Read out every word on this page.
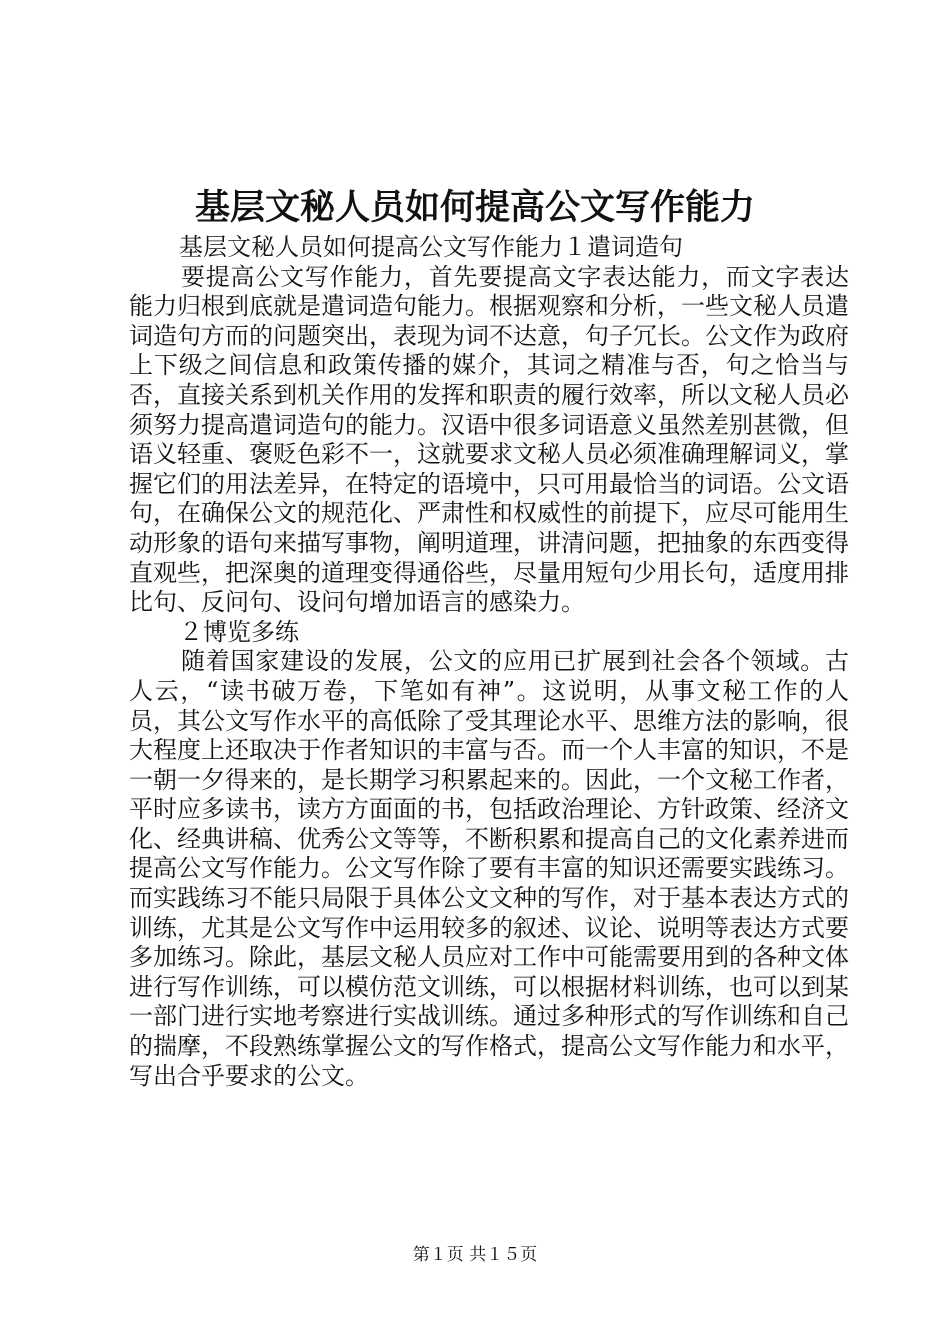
基层文秘人员如何提高公文写作能力

基层文秘人员如何提高公文写作能力１遣词造句

要提高公文写作能力，首先要提高文字表达能力，而文字表达能力归根到底就是遣词造句能力。根据观察和分析，一些文秘人员遣词造句方而的问题突出，表现为词不达意，句子冗长。公文作为政府上下级之间信息和政策传播的媒介，其词之精准与否，句之恰当与否，直接关系到机关作用的发挥和职责的履行效率，所以文秘人员必须努力提高遣词造句的能力。汉语中很多词语意义虽然差别甚微，但语义轻重、褒贬色彩不一，这就要求文秘人员必须准确理解词义，掌握它们的用法差异，在特定的语境中，只可用最恰当的词语。公文语句，在确保公文的规范化、严肃性和权威性的前提下，应尽可能用生动形象的语句来描写事物，阐明道理，讲清问题，把抽象的东西变得直观些，把深奥的道理变得通俗些，尽量用短句少用长句，适度用排比句、反问句、设问句增加语言的感染力。

２博览多练

随着国家建设的发展，公文的应用已扩展到社会各个领域。古人云，“读书破万卷，下笔如有神”。这说明，从事文秘工作的人员，其公文写作水平的高低除了受其理论水平、思维方法的影响，很大程度上还取决于作者知识的丰富与否。而一个人丰富的知识，不是一朝一夕得来的，是长期学习积累起来的。因此，一个文秘工作者，平时应多读书，读方方面面的书，包括政治理论、方针政策、经济文化、经典讲稿、优秀公文等等，不断积累和提高自己的文化素养进而提高公文写作能力。公文写作除了要有丰富的知识还需要实践练习。而实践练习不能只局限于具体公文文种的写作，对于基本表达方式的训练，尤其是公文写作中运用较多的叙述、议论、说明等表达方式要多加练习。除此，基层文秘人员应对工作中可能需要用到的各种文体进行写作训练，可以模仿范文训练，可以根据材料训练，也可以到某一部门进行实地考察进行实战训练。通过多种形式的写作训练和自己的揣摩，不段熟练掌握公文的写作格式，提高公文写作能力和水平，写出合乎要求的公文。

第１页 共１５页
